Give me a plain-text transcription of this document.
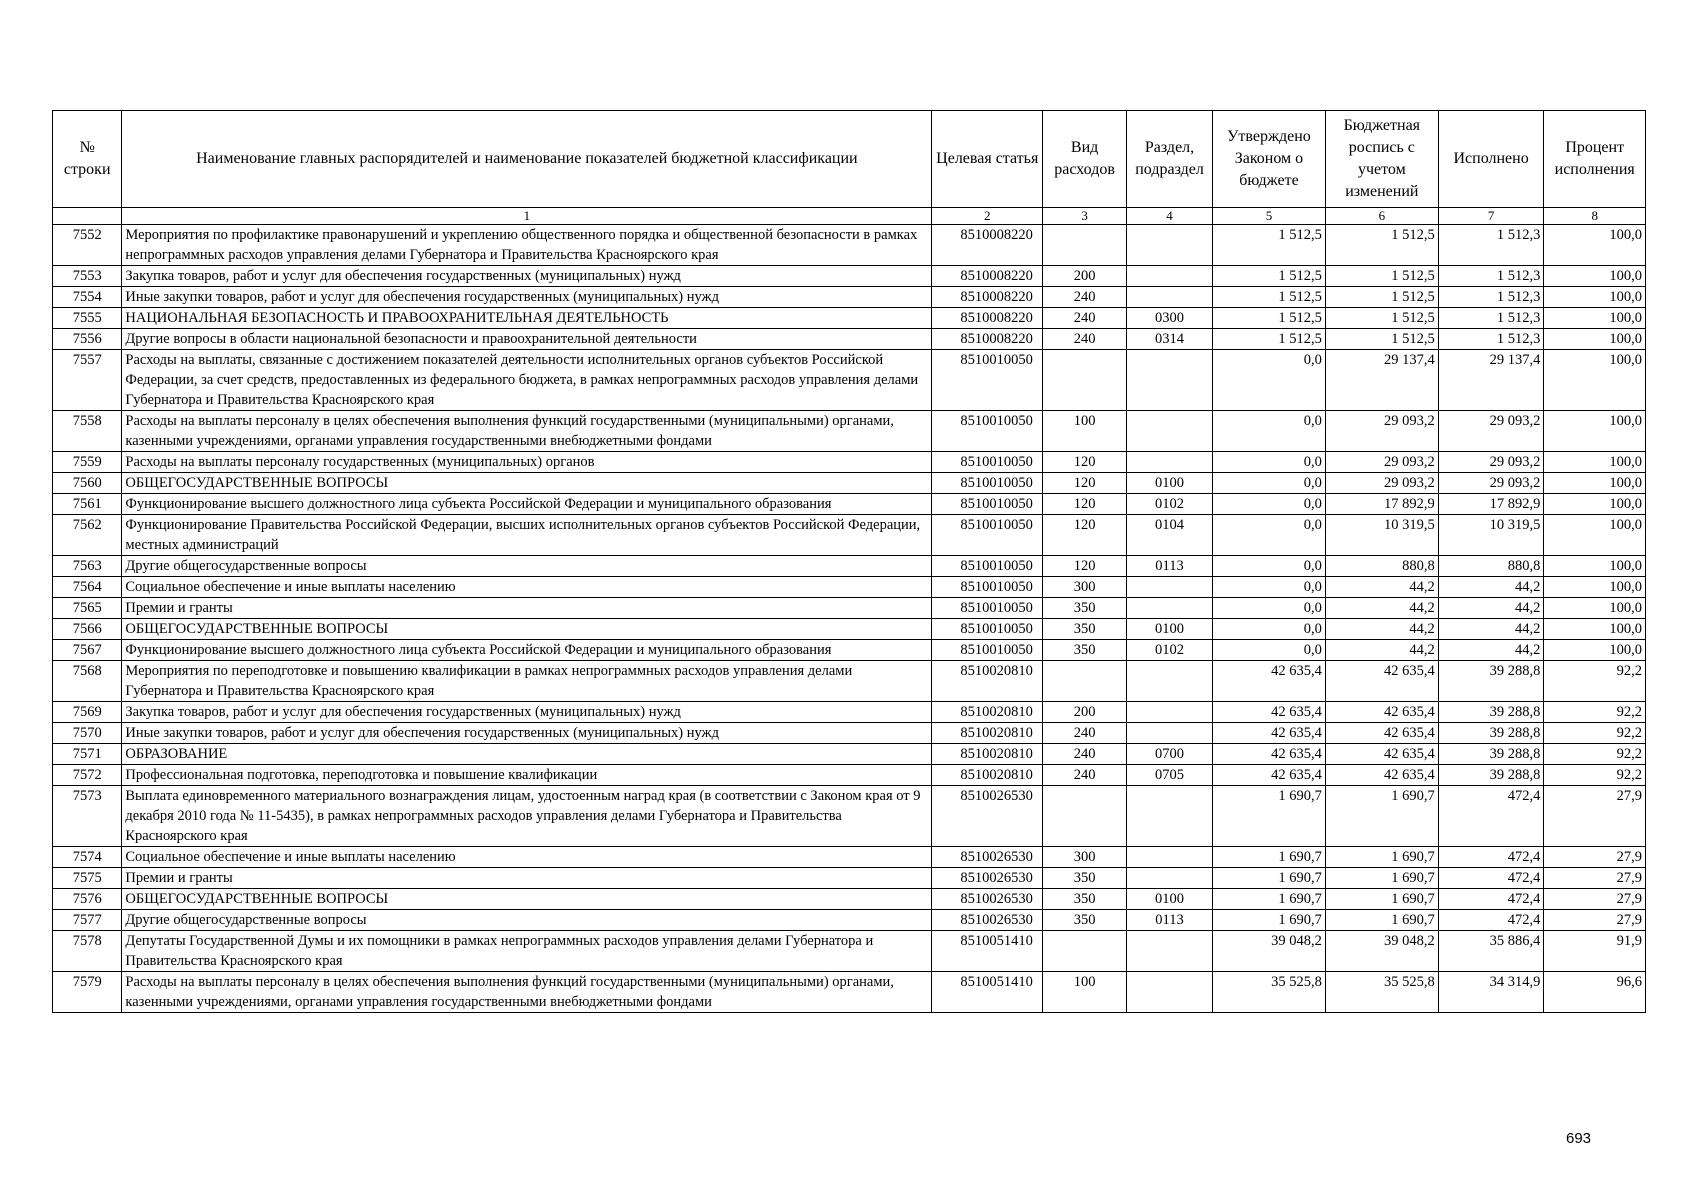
№ строки	Наименование главных распорядителей и наименование показателей бюджетной классификации	Целевая статья	Вид расходов	Раздел, подраздел	Утверждено Законом о бюджете	Бюджетная роспись с учетом изменений	Исполнено	Процент исполнения
	1	2	3	4	5	6	7	8
7552	Мероприятия по профилактике правонарушений и укреплению общественного порядка и общественной безопасности в рамках непрограммных расходов управления делами Губернатора и Правительства Красноярского края	8510008220			1 512,5	1 512,5	1 512,3	100,0
7553	Закупка товаров, работ и услуг для обеспечения государственных (муниципальных) нужд	8510008220	200		1 512,5	1 512,5	1 512,3	100,0
7554	Иные закупки товаров, работ и услуг для обеспечения государственных (муниципальных) нужд	8510008220	240		1 512,5	1 512,5	1 512,3	100,0
7555	НАЦИОНАЛЬНАЯ БЕЗОПАСНОСТЬ И ПРАВООХРАНИТЕЛЬНАЯ ДЕЯТЕЛЬНОСТЬ	8510008220	240	0300	1 512,5	1 512,5	1 512,3	100,0
7556	Другие вопросы в области национальной безопасности и правоохранительной деятельности	8510008220	240	0314	1 512,5	1 512,5	1 512,3	100,0
7557	Расходы на выплаты, связанные с достижением показателей деятельности исполнительных органов субъектов Российской Федерации, за счет средств, предоставленных из федерального бюджета, в рамках непрограммных расходов управления делами Губернатора и Правительства Красноярского края	8510010050			0,0	29 137,4	29 137,4	100,0
7558	Расходы на выплаты персоналу в целях обеспечения выполнения функций государственными (муниципальными) органами, казенными учреждениями, органами управления государственными внебюджетными фондами	8510010050	100		0,0	29 093,2	29 093,2	100,0
7559	Расходы на выплаты персоналу государственных (муниципальных) органов	8510010050	120		0,0	29 093,2	29 093,2	100,0
7560	ОБЩЕГОСУДАРСТВЕННЫЕ ВОПРОСЫ	8510010050	120	0100	0,0	29 093,2	29 093,2	100,0
7561	Функционирование высшего должностного лица субъекта Российской Федерации и муниципального образования	8510010050	120	0102	0,0	17 892,9	17 892,9	100,0
7562	Функционирование Правительства Российской Федерации, высших исполнительных органов субъектов Российской Федерации, местных администраций	8510010050	120	0104	0,0	10 319,5	10 319,5	100,0
7563	Другие общегосударственные вопросы	8510010050	120	0113	0,0	880,8	880,8	100,0
7564	Социальное обеспечение и иные выплаты населению	8510010050	300		0,0	44,2	44,2	100,0
7565	Премии и гранты	8510010050	350		0,0	44,2	44,2	100,0
7566	ОБЩЕГОСУДАРСТВЕННЫЕ ВОПРОСЫ	8510010050	350	0100	0,0	44,2	44,2	100,0
7567	Функционирование высшего должностного лица субъекта Российской Федерации и муниципального образования	8510010050	350	0102	0,0	44,2	44,2	100,0
7568	Мероприятия по переподготовке и повышению квалификации в рамках непрограммных расходов управления делами Губернатора и Правительства Красноярского края	8510020810			42 635,4	42 635,4	39 288,8	92,2
7569	Закупка товаров, работ и услуг для обеспечения государственных (муниципальных) нужд	8510020810	200		42 635,4	42 635,4	39 288,8	92,2
7570	Иные закупки товаров, работ и услуг для обеспечения государственных (муниципальных) нужд	8510020810	240		42 635,4	42 635,4	39 288,8	92,2
7571	ОБРАЗОВАНИЕ	8510020810	240	0700	42 635,4	42 635,4	39 288,8	92,2
7572	Профессиональная подготовка, переподготовка и повышение квалификации	8510020810	240	0705	42 635,4	42 635,4	39 288,8	92,2
7573	Выплата единовременного материального вознаграждения лицам, удостоенным наград края (в соответствии с Законом края от 9 декабря 2010 года № 11-5435), в рамках непрограммных расходов управления делами Губернатора и Правительства Красноярского края	8510026530			1 690,7	1 690,7	472,4	27,9
7574	Социальное обеспечение и иные выплаты населению	8510026530	300		1 690,7	1 690,7	472,4	27,9
7575	Премии и гранты	8510026530	350		1 690,7	1 690,7	472,4	27,9
7576	ОБЩЕГОСУДАРСТВЕННЫЕ ВОПРОСЫ	8510026530	350	0100	1 690,7	1 690,7	472,4	27,9
7577	Другие общегосударственные вопросы	8510026530	350	0113	1 690,7	1 690,7	472,4	27,9
7578	Депутаты Государственной Думы и их помощники в рамках непрограммных расходов управления делами Губернатора и Правительства Красноярского края	8510051410			39 048,2	39 048,2	35 886,4	91,9
7579	Расходы на выплаты персоналу в целях обеспечения выполнения функций государственными (муниципальными) органами, казенными учреждениями, органами управления государственными внебюджетными фондами	8510051410	100		35 525,8	35 525,8	34 314,9	96,6
693
